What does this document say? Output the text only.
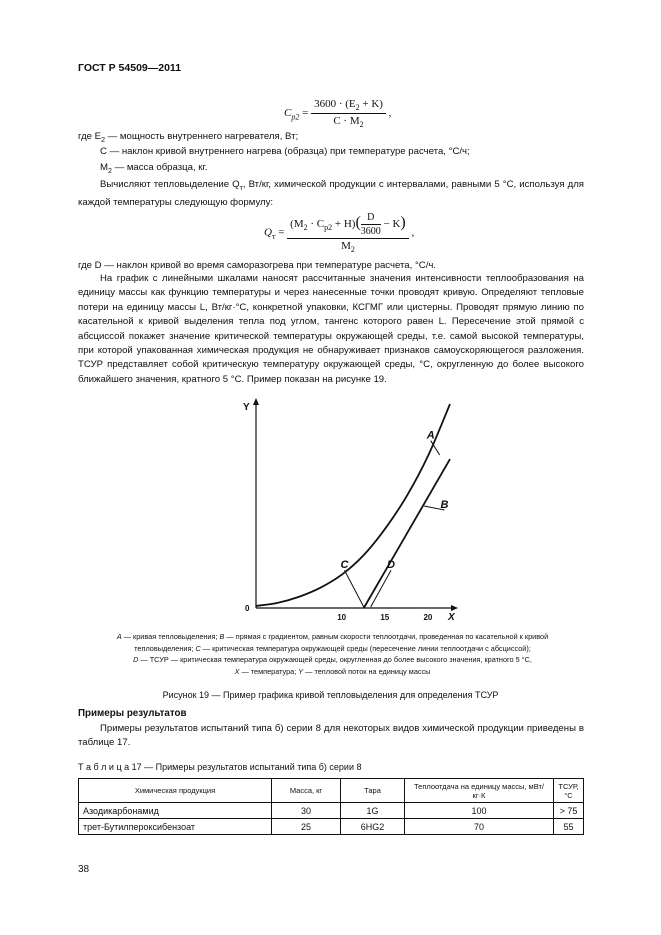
ГОСТ Р 54509—2011
$C_{p2} = \frac{3600 \cdot (E_2 + K)}{C \cdot M_2}$ ,
где $E_2$ — мощность внутреннего нагревателя, Вт;
C — наклон кривой внутреннего нагрева (образца) при температуре расчета, °С/ч;
$M_2$ — масса образца, кг.

Вычисляют тепловыделение $Q_т$, Вт/кг, химической продукции с интервалами, равными 5 °С, используя для каждой температуры следующую формулу:

$Q_т = \frac{(M_2 \cdot C_{p2} + H)( \frac{D}{3600} - K)}{M_2}$ ,
где D — наклон кривой во время саморазогрева при температуре расчета, °С/ч.

На график с линейными шкалами наносят рассчитанные значения интенсивности теплообразования на единицу массы как функцию температуры и через нанесенные точки проводят кривую. Определяют тепловые потери на единицу массы L, Вт/кг·°С, конкретной упаковки, КСГМГ или цистерны. Проводят прямую линию по касательной к кривой выделения тепла под углом, тангенс которого равен L. Пересечение этой прямой с абсциссой покажет значение критической температуры окружающей среды, т.е. самой высокой температуры, при которой упакованная химическая продукция не обнаруживает признаков самоускоряющегося разложения. ТСУР представляет собой критическую температуру окружающей среды, °С, округленную до более высокого ближайшего значения, кратного 5 °С. Пример показан на рисунке 19.

Y
X
0
10	15	20
A
B
C	D
A — кривая тепловыделения; B — прямая с градиентом, равным скорости теплоотдачи, проведенная по касательной к кривой
тепловыделения; C — критическая температура окружающей среды (пересечение линии теплоотдачи с абсциссой);
D — ТСУР — критическая температура окружающей среды, округленная до более высокого значения, кратного 5 °С,
X — температура; Y — тепловой поток на единицу массы
Рисунок 19 — Пример графика кривой тепловыделения для определения ТСУР
Примеры результатов

Примеры результатов испытаний типа б) серии 8 для некоторых видов химической продукции приведены в таблице 17.

Т а б л и ц а 17 — Примеры результатов испытаний типа б) серии 8
Химическая продукция	Масса, кг	Тара	Теплоотдача на единицу массы, мВт/кг·К	ТСУР, °С
Азодикарбонамид	30	1G	100	> 75
трет-Бутилпероксибензоат	25	6HG2	70	55
38
